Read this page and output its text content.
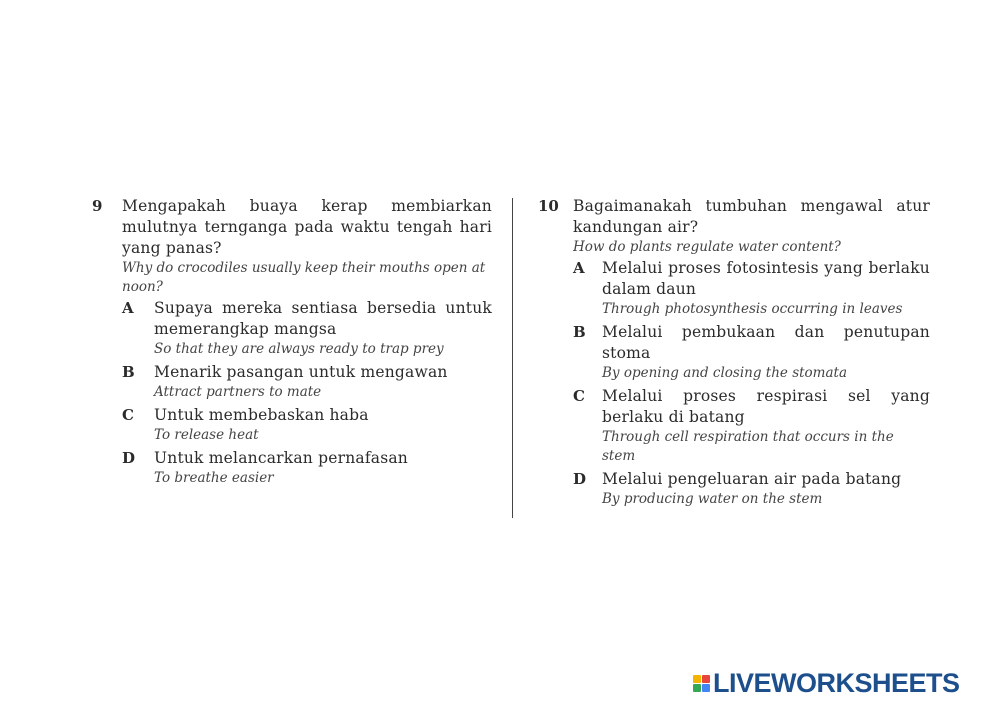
9	Mengapakah buaya kerap membiarkan mulutnya ternganga pada waktu tengah hari yang panas?
Why do crocodiles usually keep their mouths open at noon?
A	Supaya mereka sentiasa bersedia untuk memerangkap mangsa
So that they are always ready to trap prey
B	Menarik pasangan untuk mengawan
Attract partners to mate
C	Untuk membebaskan haba
To release heat
D	Untuk melancarkan pernafasan
To breathe easier
10 Bagaimanakah tumbuhan mengawal atur kandungan air?
How do plants regulate water content?
A	Melalui proses fotosintesis yang berlaku dalam daun
Through photosynthesis occurring in leaves
B	Melalui pembukaan dan penutupan stoma
By opening and closing the stomata
C	Melalui proses respirasi sel yang berlaku di batang
Through cell respiration that occurs in the stem
D	Melalui pengeluaran air pada batang
By producing water on the stem
LIVEWORKSHEETS
